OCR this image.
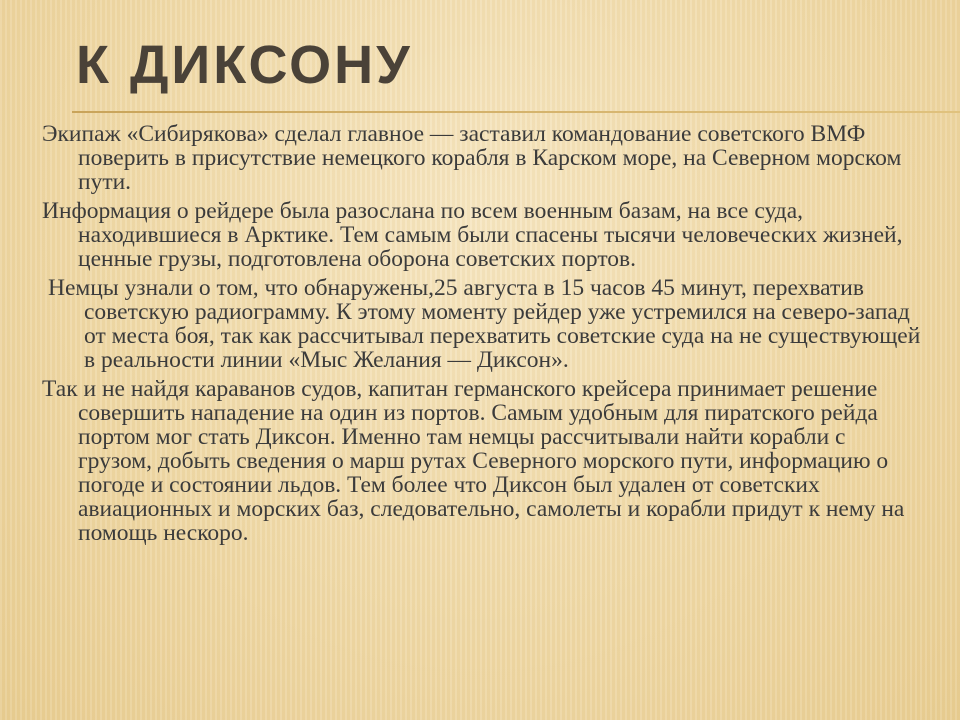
К ДИКСОНУ

Экипаж «Сибирякова» сделал главное — заставил командование советского ВМФ поверить в присутствие немецкого корабля в Карском море, на Северном морском пути.

Информация о рейдере была разослана по всем военным базам, на все суда, находившиеся в Арктике. Тем самым были спасены тысячи человеческих жизней, ценные грузы, подготовлена оборона советских портов.

Немцы узнали о том, что обнаружены,25 августа в 15 часов 45 минут, перехватив советскую радиограмму. К этому моменту рейдер уже устремился на северо-запад от места боя, так как рассчитывал перехватить советские суда на не существующей в реальности линии «Мыс Желания — Диксон».

Так и не найдя караванов судов, капитан германского крейсера принимает решение совершить нападение на один из портов. Самым удобным для пиратского рейда портом мог стать Диксон. Именно там немцы рассчитывали найти корабли с грузом, добыть сведения о марш рутах Северного морского пути, информацию о погоде и состоянии льдов. Тем более что Диксон был удален от советских авиационных и морских баз, следовательно, самолеты и корабли придут к нему на помощь нескоро.
